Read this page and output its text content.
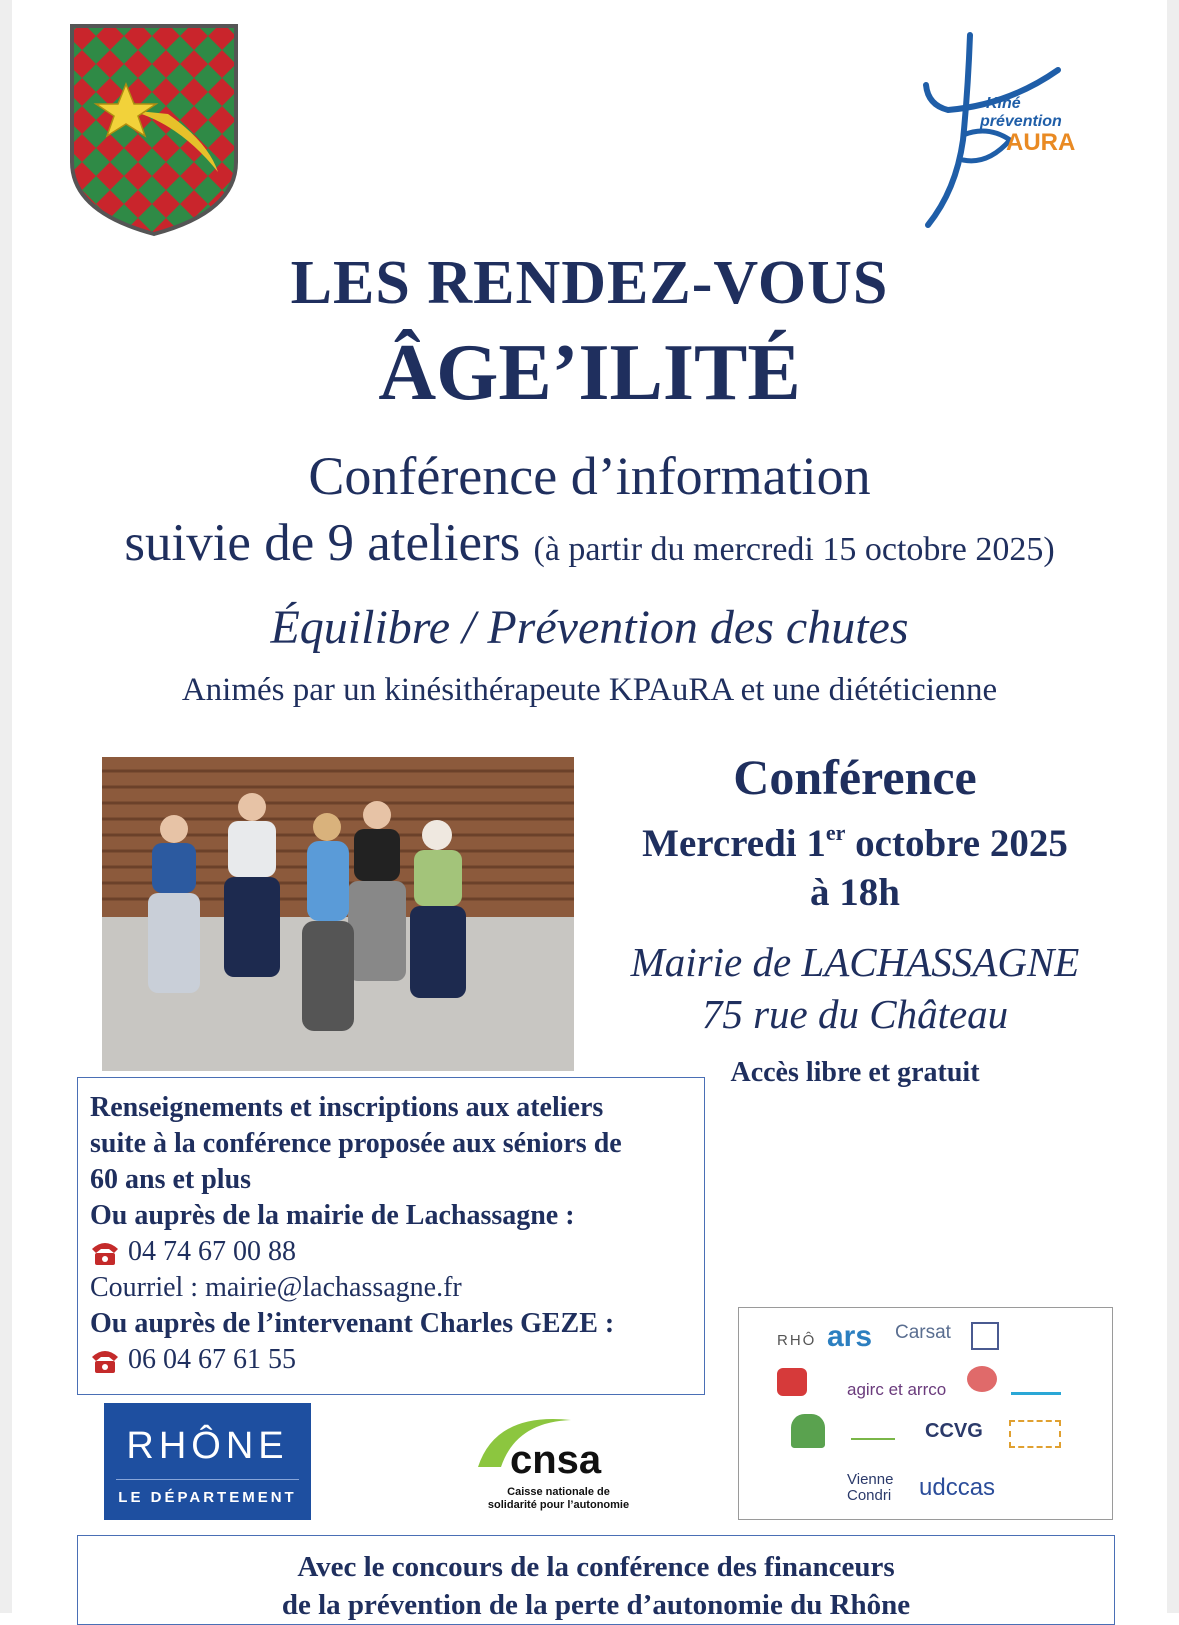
Kiné
prévention
AURA
LES RENDEZ-VOUS
ÂGE’ILITÉ
Conférence d’information
suivie de 9 ateliers (à partir du mercredi 15 octobre 2025)
Équilibre / Prévention des chutes
Animés par un kinésithérapeute KPAuRA et une diététicienne
Conférence
Mercredi 1er octobre 2025
à 18h
Mairie de LACHASSAGNE
75 rue du Château
Accès libre et gratuit
Renseignements et inscriptions aux ateliers
suite à la conférence proposée aux séniors de
60 ans et plus
Ou auprès de la mairie de Lachassagne :
04 74 67 00 88
Courriel : mairie@lachassagne.fr
Ou auprès de l’intervenant Charles GEZE :
06 04 67 61 55
RHÔNE
LE DÉPARTEMENT
cnsa
Caisse nationale de
solidarité pour l’autonomie
RHÔ ars Carsat
agirc et arrco
CCVG
Vienne Condri	udccas
Avec le concours de la conférence des financeurs
de la prévention de la perte d’autonomie du Rhône
